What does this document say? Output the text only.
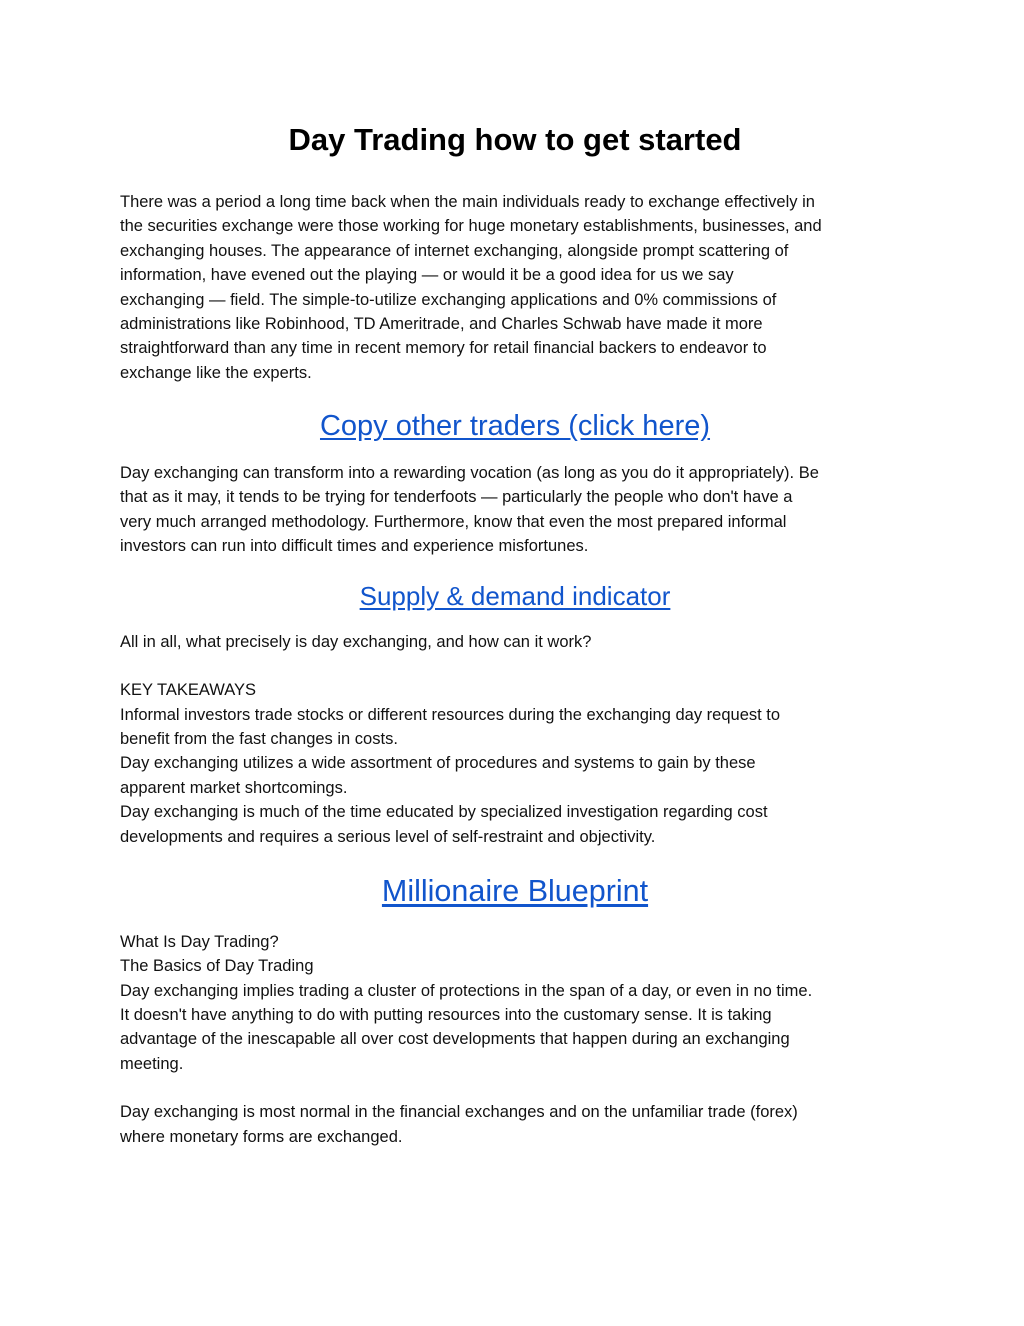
Day Trading how to get started

There was a period a long time back when the main individuals ready to exchange effectively in
the securities exchange were those working for huge monetary establishments, businesses, and
exchanging houses. The appearance of internet exchanging, alongside prompt scattering of
information, have evened out the playing — or would it be a good idea for us we say
exchanging — field. The simple-to-utilize exchanging applications and 0% commissions of
administrations like Robinhood, TD Ameritrade, and Charles Schwab have made it more
straightforward than any time in recent memory for retail financial backers to endeavor to
exchange like the experts.

Copy other traders (click here)

Day exchanging can transform into a rewarding vocation (as long as you do it appropriately). Be
that as it may, it tends to be trying for tenderfoots — particularly the people who don't have a
very much arranged methodology. Furthermore, know that even the most prepared informal
investors can run into difficult times and experience misfortunes.

Supply & demand indicator

All in all, what precisely is day exchanging, and how can it work?

KEY TAKEAWAYS
Informal investors trade stocks or different resources during the exchanging day request to
benefit from the fast changes in costs.
Day exchanging utilizes a wide assortment of procedures and systems to gain by these
apparent market shortcomings.
Day exchanging is much of the time educated by specialized investigation regarding cost
developments and requires a serious level of self-restraint and objectivity.

Millionaire Blueprint

What Is Day Trading?
The Basics of Day Trading
Day exchanging implies trading a cluster of protections in the span of a day, or even in no time.
It doesn't have anything to do with putting resources into the customary sense. It is taking
advantage of the inescapable all over cost developments that happen during an exchanging
meeting.

Day exchanging is most normal in the financial exchanges and on the unfamiliar trade (forex)
where monetary forms are exchanged.
